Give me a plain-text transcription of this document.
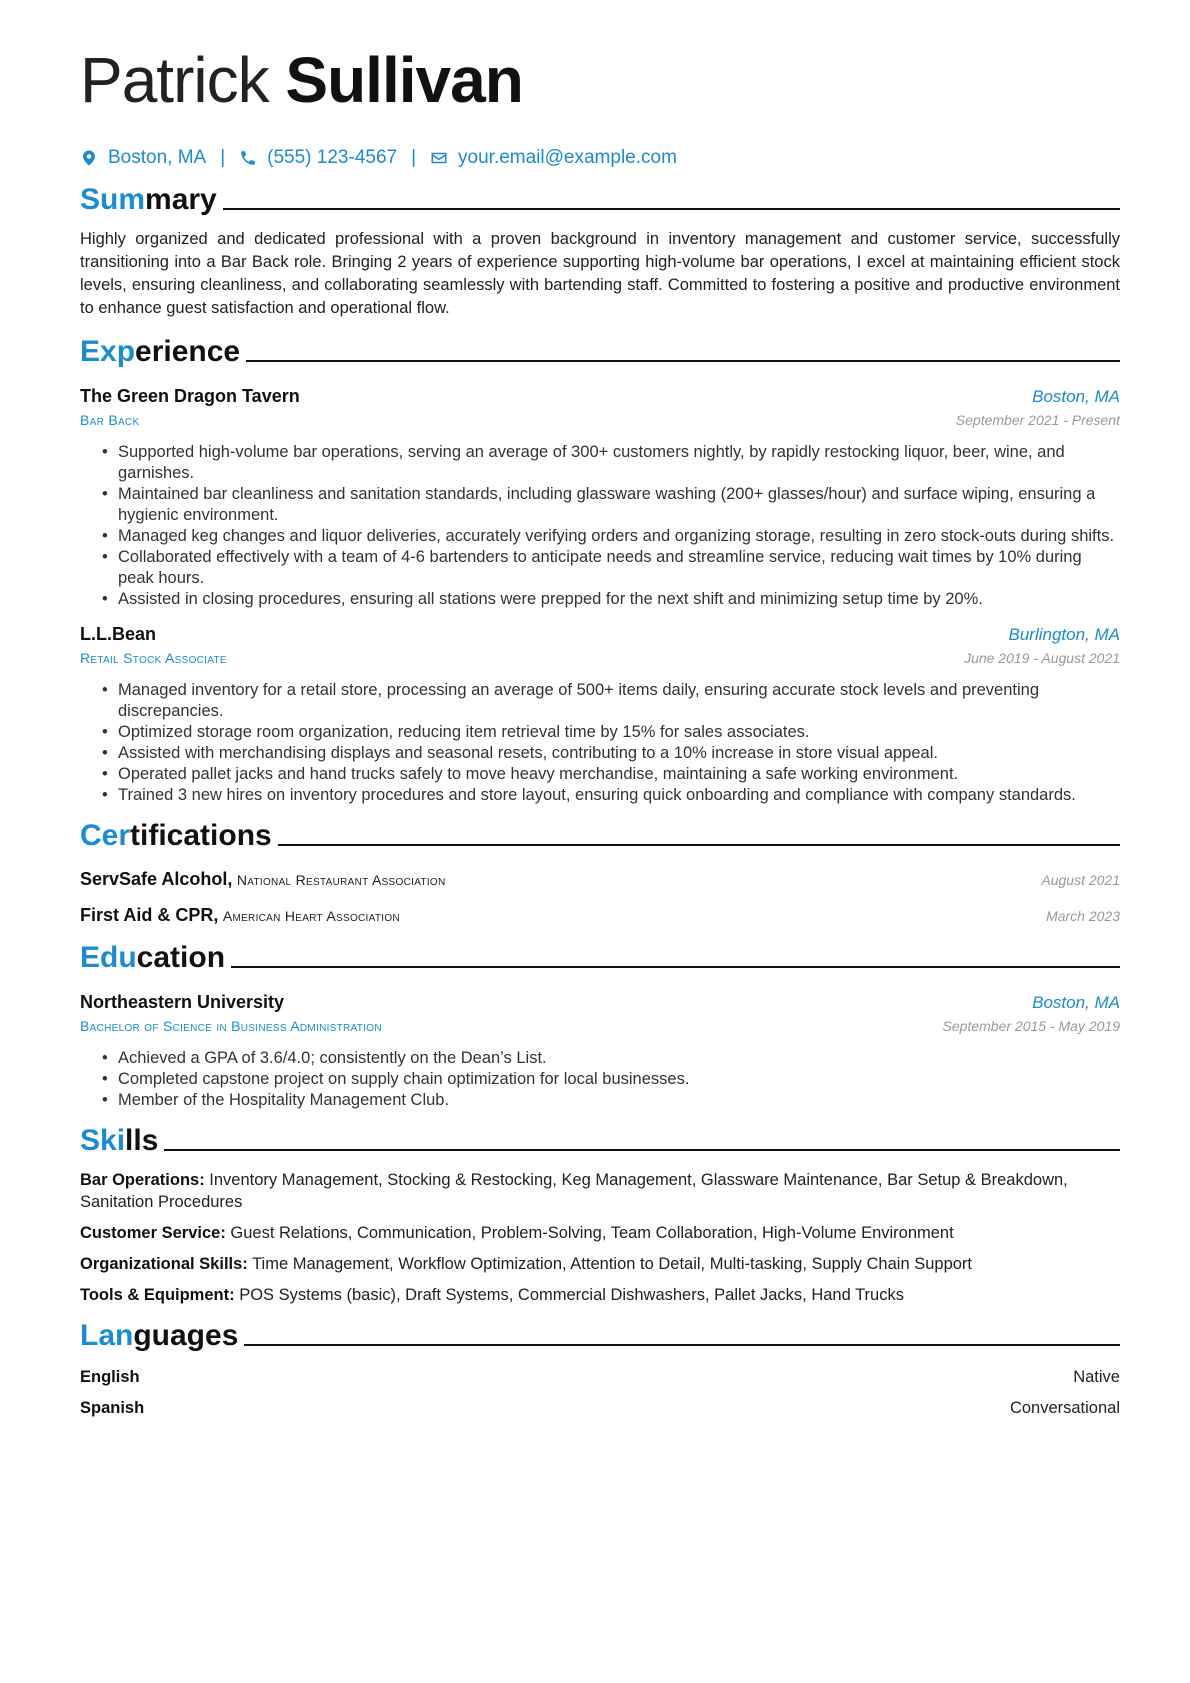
Patrick Sullivan
Boston, MA | (555) 123-4567 | your.email@example.com
Summary
Highly organized and dedicated professional with a proven background in inventory management and customer service, successfully transitioning into a Bar Back role. Bringing 2 years of experience supporting high-volume bar operations, I excel at maintaining efficient stock levels, ensuring cleanliness, and collaborating seamlessly with bartending staff. Committed to fostering a positive and productive environment to enhance guest satisfaction and operational flow.
Experience
The Green Dragon Tavern	Boston, MA
Bar Back	September 2021 - Present
• Supported high-volume bar operations, serving an average of 300+ customers nightly, by rapidly restocking liquor, beer, wine, and garnishes.
• Maintained bar cleanliness and sanitation standards, including glassware washing (200+ glasses/hour) and surface wiping, ensuring a hygienic environment.
• Managed keg changes and liquor deliveries, accurately verifying orders and organizing storage, resulting in zero stock-outs during shifts.
• Collaborated effectively with a team of 4-6 bartenders to anticipate needs and streamline service, reducing wait times by 10% during peak hours.
• Assisted in closing procedures, ensuring all stations were prepped for the next shift and minimizing setup time by 20%.
L.L.Bean	Burlington, MA
Retail Stock Associate	June 2019 - August 2021
• Managed inventory for a retail store, processing an average of 500+ items daily, ensuring accurate stock levels and preventing discrepancies.
• Optimized storage room organization, reducing item retrieval time by 15% for sales associates.
• Assisted with merchandising displays and seasonal resets, contributing to a 10% increase in store visual appeal.
• Operated pallet jacks and hand trucks safely to move heavy merchandise, maintaining a safe working environment.
• Trained 3 new hires on inventory procedures and store layout, ensuring quick onboarding and compliance with company standards.
Certifications
ServSafe Alcohol, National Restaurant Association	August 2021
First Aid & CPR, American Heart Association	March 2023
Education
Northeastern University	Boston, MA
Bachelor of Science in Business Administration	September 2015 - May 2019
• Achieved a GPA of 3.6/4.0; consistently on the Dean’s List.
• Completed capstone project on supply chain optimization for local businesses.
• Member of the Hospitality Management Club.
Skills
Bar Operations: Inventory Management, Stocking & Restocking, Keg Management, Glassware Maintenance, Bar Setup & Breakdown, Sanitation Procedures
Customer Service: Guest Relations, Communication, Problem-Solving, Team Collaboration, High-Volume Environment
Organizational Skills: Time Management, Workflow Optimization, Attention to Detail, Multi-tasking, Supply Chain Support
Tools & Equipment: POS Systems (basic), Draft Systems, Commercial Dishwashers, Pallet Jacks, Hand Trucks
Languages
English	Native
Spanish	Conversational
